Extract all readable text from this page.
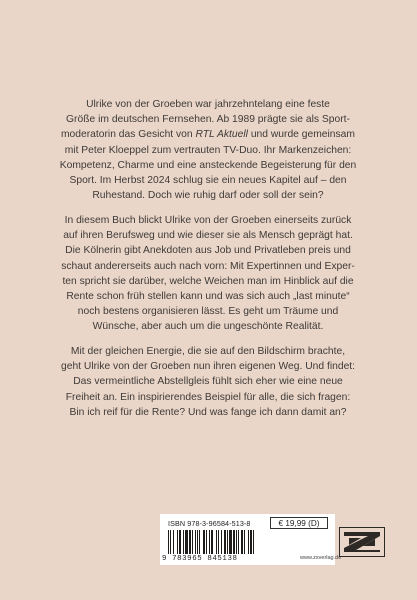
Ulrike von der Groeben war jahrzehntelang eine feste
Größe im deutschen Fernsehen. Ab 1989 prägte sie als Sport-
moderatorin das Gesicht von RTL Aktuell und wurde gemeinsam
mit Peter Kloeppel zum vertrauten TV-Duo. Ihr Markenzeichen:
Kompetenz, Charme und eine ansteckende Begeisterung für den
Sport. Im Herbst 2024 schlug sie ein neues Kapitel auf – den
Ruhestand. Doch wie ruhig darf oder soll der sein?

In diesem Buch blickt Ulrike von der Groeben einerseits zurück
auf ihren Berufsweg und wie dieser sie als Mensch geprägt hat.
Die Kölnerin gibt Anekdoten aus Job und Privatleben preis und
schaut andererseits auch nach vorn: Mit Expertinnen und Exper-
ten spricht sie darüber, welche Weichen man im Hinblick auf die
Rente schon früh stellen kann und was sich auch „last minute“
noch bestens organisieren lässt. Es geht um Träume und
Wünsche, aber auch um die ungeschönte Realität.

Mit der gleichen Energie, die sie auf den Bildschirm brachte,
geht Ulrike von der Groeben nun ihren eigenen Weg. Und findet:
Das vermeintliche Abstellgleis fühlt sich eher wie eine neue
Freiheit an. Ein inspirierendes Beispiel für alle, die sich fragen:
Bin ich reif für die Rente? Und was fange ich dann damit an?

ISBN 978-3-96584-513-8	€ 19,99 (D)
9 783965 845138	www.zsverlag.de
